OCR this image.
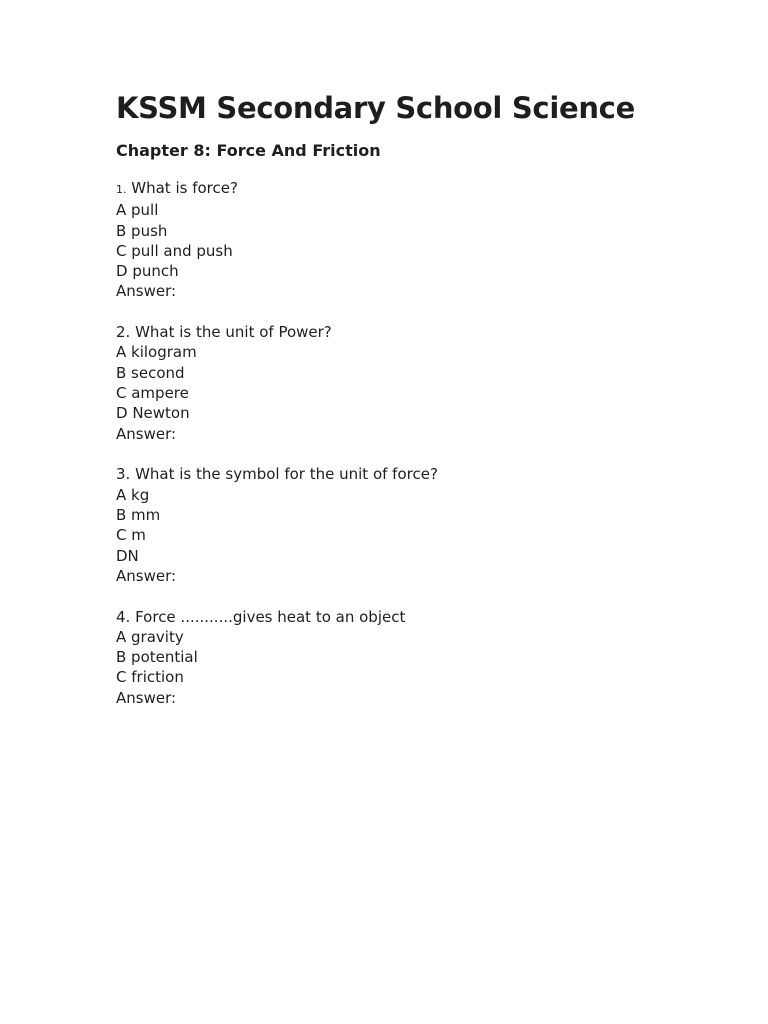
KSSM Secondary School Science
Chapter 8: Force And Friction
1. What is force?
A pull
B push
C pull and push
D punch
Answer:
2. What is the unit of Power?
A kilogram
B second
C ampere
D Newton
Answer:
3. What is the symbol for the unit of force?
A kg
B mm
C m
DN
Answer:
4. Force ...........gives heat to an object
A gravity
B potential
C friction
Answer:
